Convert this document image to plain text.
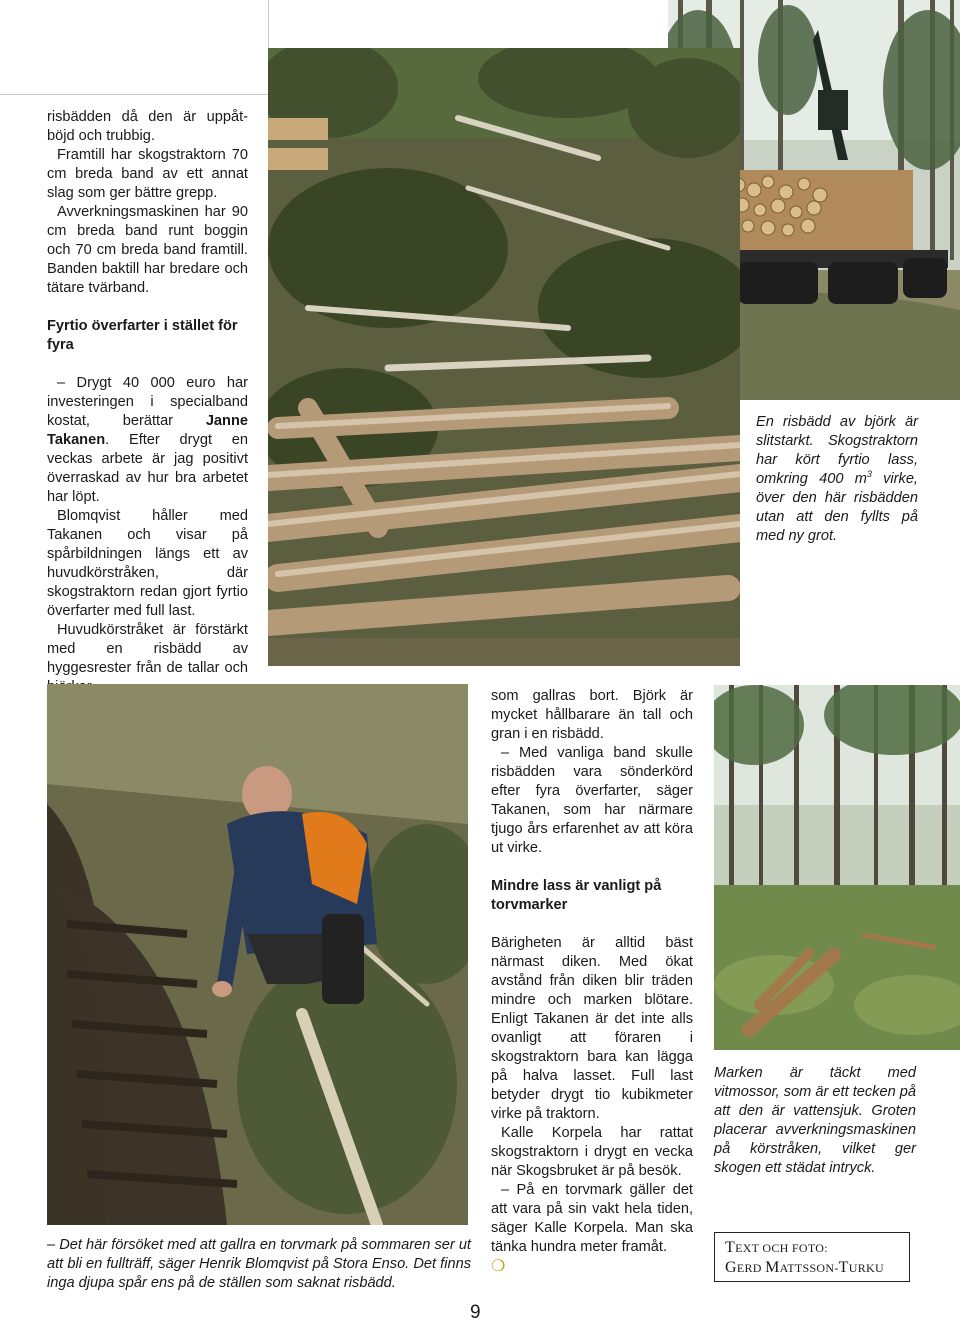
risbädden då den är uppåt-böjd och trubbig.

Framtill har skogstraktorn 70 cm breda band av ett annat slag som ger bättre grepp.

Avverkningsmaskinen har 90 cm breda band runt boggin och 70 cm breda band framtill. Banden baktill har bredare och tätare tvärband.

Fyrtio överfarter i stället för fyra

– Drygt 40 000 euro har investeringen i specialband kostat, berättar Janne Takanen. Efter drygt en veckas arbete är jag positivt överraskad av hur bra arbetet har löpt.

Blomqvist håller med Takanen och visar på spårbildningen längs ett av huvudkörstråken, där skogstraktorn redan gjort fyrtio överfarter med full last.

Huvudkörstråket är förstärkt med en risbädd av hyggesrester från de tallar och

En risbädd av björk är slitstarkt. Skogstraktorn har kört fyrtio lass, omkring 400 $m^3$ virke, över den här risbädden utan att den fyllts på med ny grot.
– Det här försöket med att gallra en torvmark på sommaren ser ut att bli en fullträff, säger Henrik Blomqvist på Stora Enso. Det finns inga djupa spår ens på de ställen som saknat risbädd.

som gallras bort. Björk är mycket hållbarare än tall och gran i en risbädd.

– Med vanliga band skulle risbädden vara sönderkörd efter fyra överfarter, säger Takanen, som har närmare tjugo års erfarenhet av att köra ut virke.

Mindre lass är vanligt på torvmarker

Bärigheten är alltid bäst närmast diken. Med ökat avstånd från diken blir träden mindre och marken blötare. Enligt Takanen är det inte alls ovanligt att föraren i skogstraktorn bara kan lägga på halva lasset. Full last betyder drygt tio kubikmeter virke på traktorn.

Kalle Korpela har rattat skogstraktorn i drygt en vecka när Skogsbruket är på besök.

– På en torvmark gäller det att vara på sin vakt hela tiden, säger Kalle Korpela. Man ska tänka hundra meter framåt.

❍

Marken är täckt med vitmossor, som är ett tecken på att den är vattensjuk. Groten placerar avverkningsmaskinen på körstråken, vilket ger skogen ett städat intryck.
TEXT OCH FOTO:
GERD MATTSSON-TURKU
9
